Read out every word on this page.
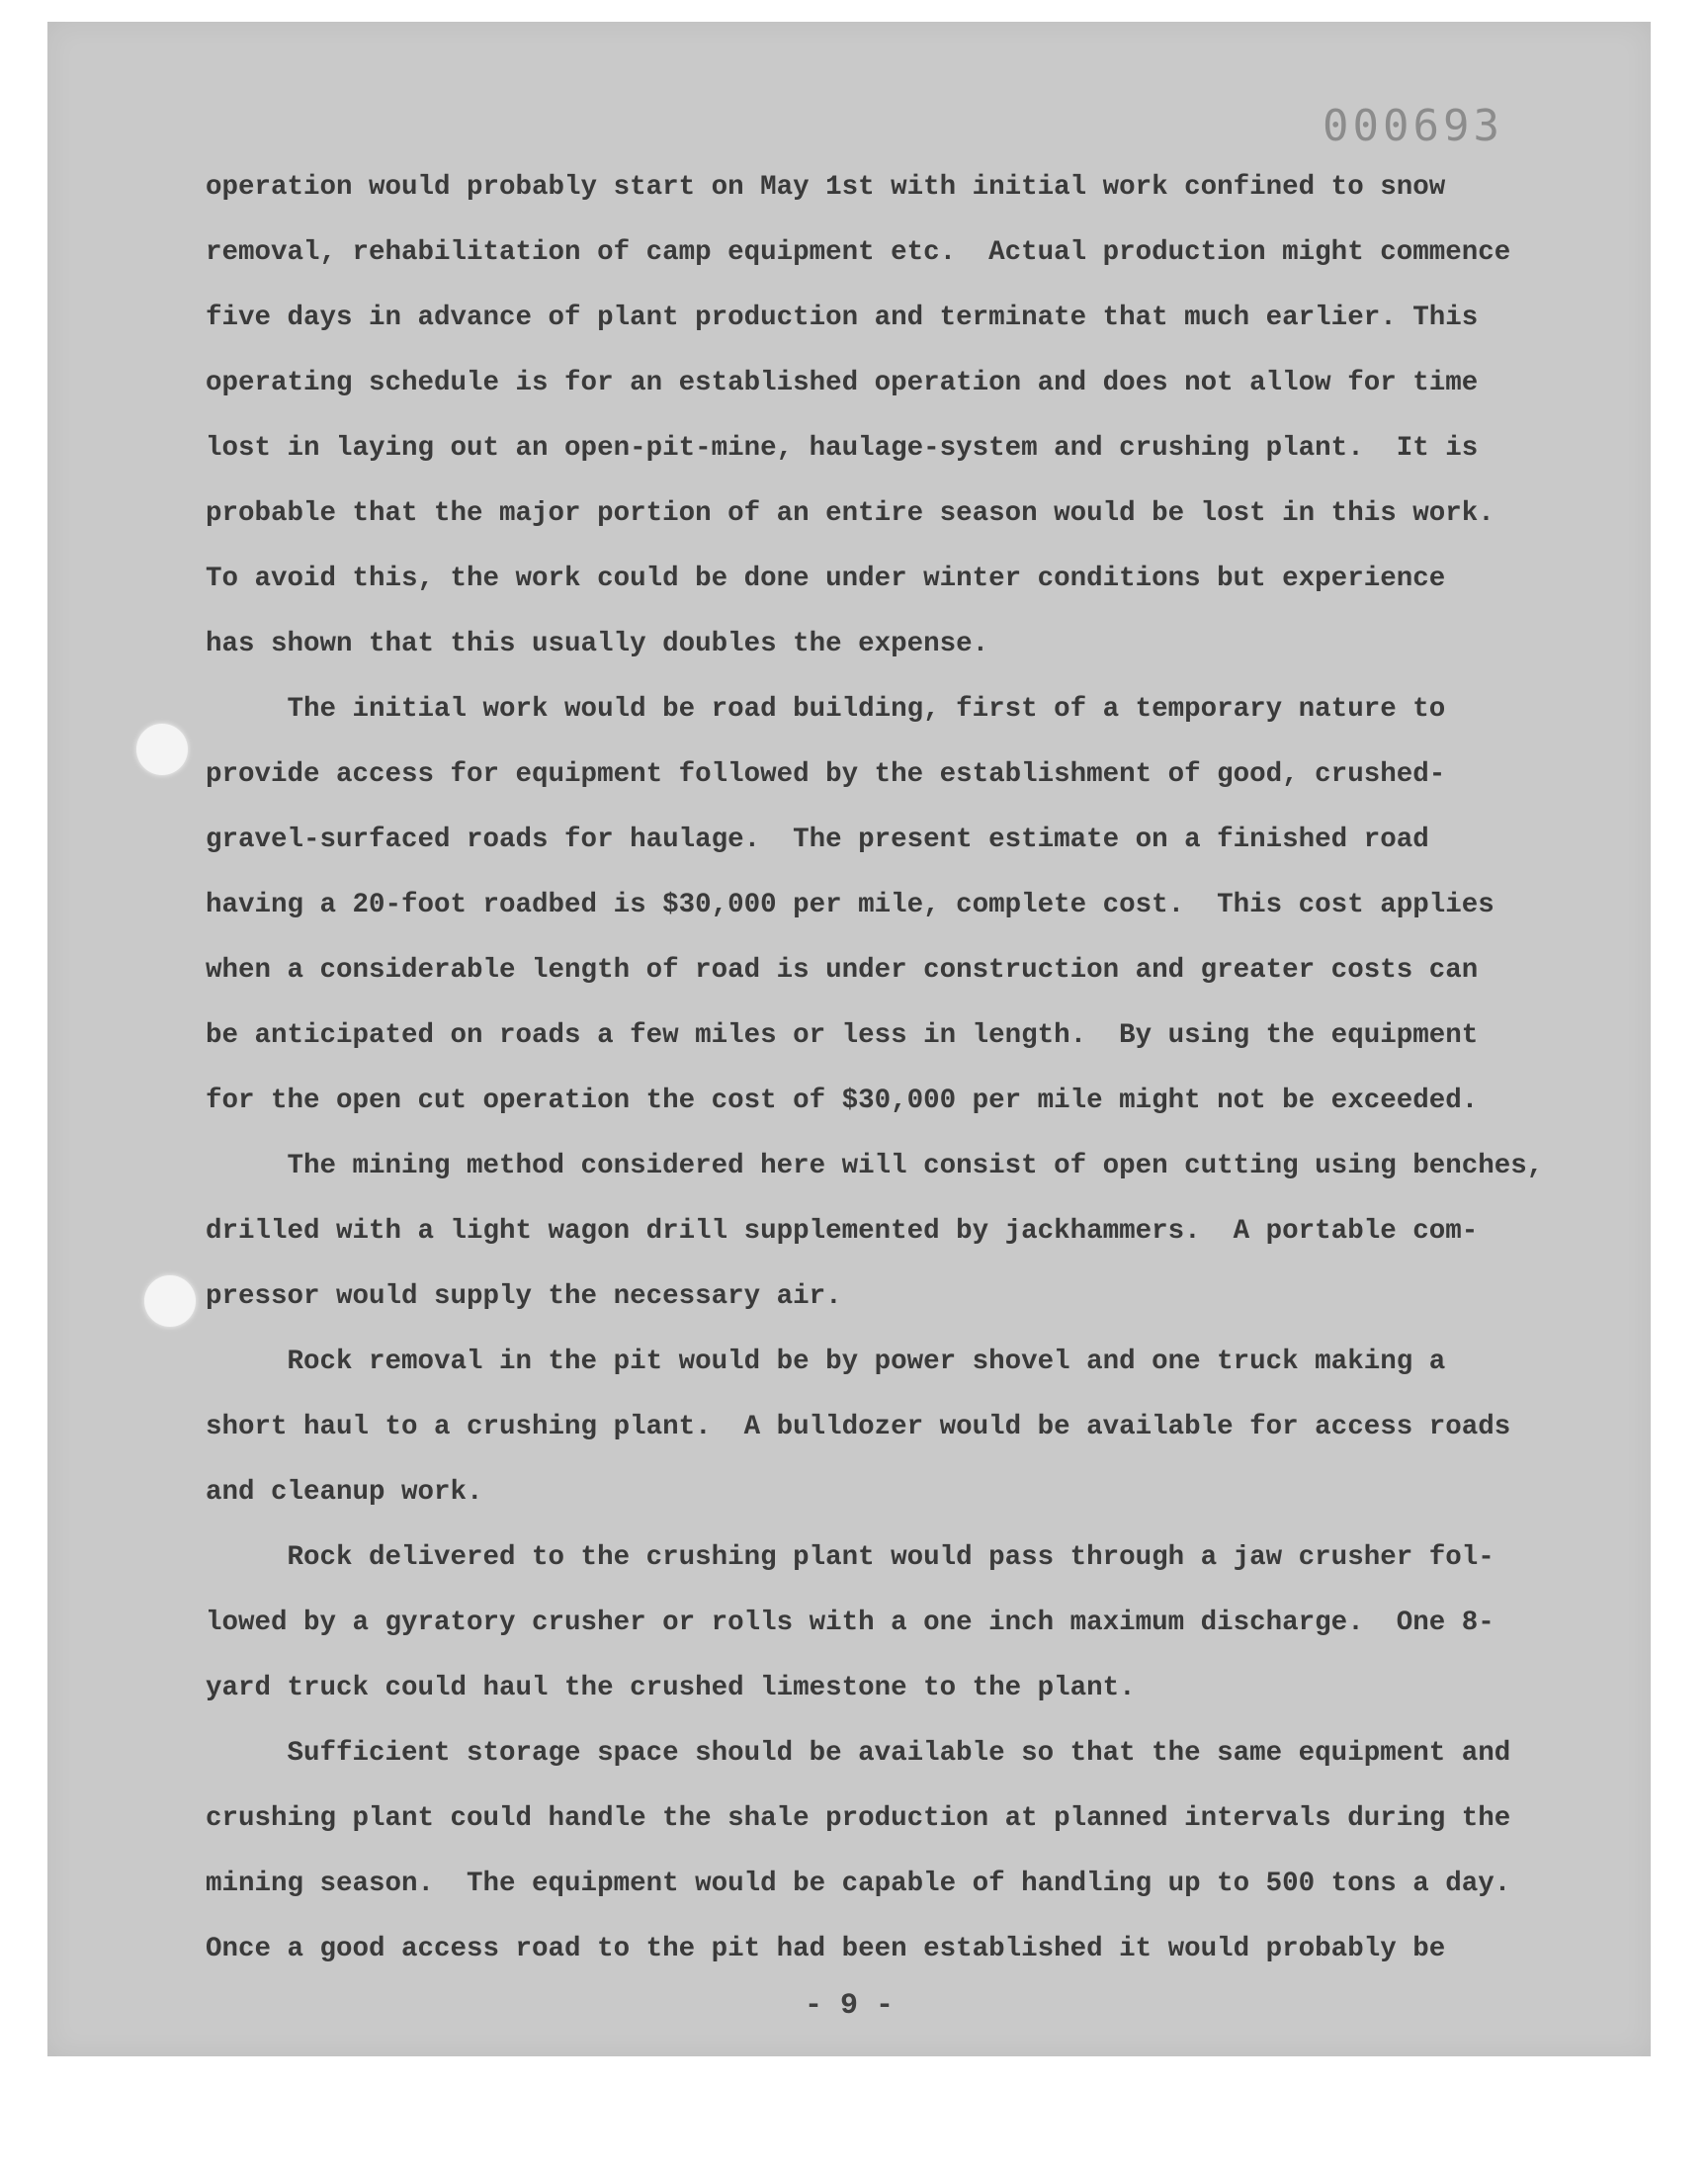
000693
operation would probably start on May 1st with initial work confined to snow
removal, rehabilitation of camp equipment etc.  Actual production might commence
five days in advance of plant production and terminate that much earlier. This
operating schedule is for an established operation and does not allow for time
lost in laying out an open-pit-mine, haulage-system and crushing plant.  It is
probable that the major portion of an entire season would be lost in this work.
To avoid this, the work could be done under winter conditions but experience
has shown that this usually doubles the expense.
The initial work would be road building, first of a temporary nature to
provide access for equipment followed by the establishment of good, crushed-
gravel-surfaced roads for haulage.  The present estimate on a finished road
having a 20-foot roadbed is $30,000 per mile, complete cost.  This cost applies
when a considerable length of road is under construction and greater costs can
be anticipated on roads a few miles or less in length.  By using the equipment
for the open cut operation the cost of $30,000 per mile might not be exceeded.
The mining method considered here will consist of open cutting using benches,
drilled with a light wagon drill supplemented by jackhammers.  A portable com-
pressor would supply the necessary air.
Rock removal in the pit would be by power shovel and one truck making a
short haul to a crushing plant.  A bulldozer would be available for access roads
and cleanup work.
Rock delivered to the crushing plant would pass through a jaw crusher fol-
lowed by a gyratory crusher or rolls with a one inch maximum discharge.  One 8-
yard truck could haul the crushed limestone to the plant.
Sufficient storage space should be available so that the same equipment and
crushing plant could handle the shale production at planned intervals during the
mining season.  The equipment would be capable of handling up to 500 tons a day.
Once a good access road to the pit had been established it would probably be
- 9 -
